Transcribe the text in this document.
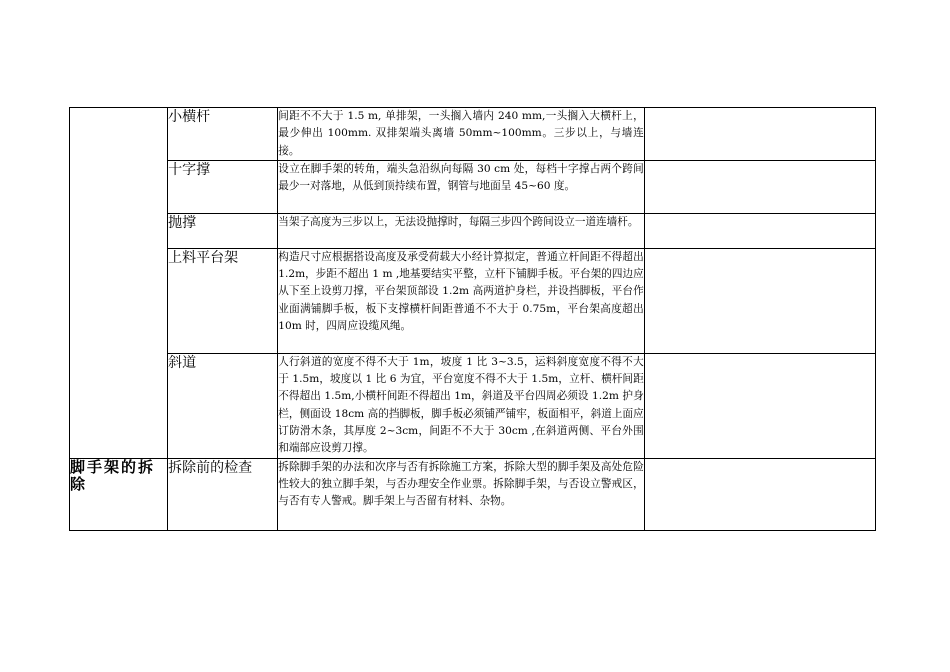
	小横杆	间距不不大于 1.5 m, 单排架，一头搁入墙内 240 mm,一头搁入大横杆上，最少伸出 100mm. 双排架端头离墙 50mm~100mm。三步以上，与墙连接。	
	十字撑	设立在脚手架的转角，端头急沿纵向每隔 30 cm 处，每档十字撑占两个跨间最少一对落地，从低到顶持续布置，钢管与地面呈 45~60 度。	
	抛撑	当架子高度为三步以上，无法设抛撑时，每隔三步四个跨间设立一道连墙杆。	
	上料平台架	构造尺寸应根据搭设高度及承受荷载大小经计算拟定，普通立杆间距不得超出 1.2m，步距不超出 1 m ,地基要结实平整，立杆下铺脚手板。平台架的四边应从下至上设剪刀撑，平台架顶部设 1.2m 高两道护身栏，并设挡脚板，平台作业面满铺脚手板，板下支撑横杆间距普通不不大于 0.75m，平台架高度超出 10m 时，四周应设缆风绳。	
	斜道	人行斜道的宽度不得不大于 1m，坡度 1 比 3~3.5，运料斜度宽度不得不大于 1.5m，坡度以 1 比 6 为宜，平台宽度不得不大于 1.5m，立杆、横杆间距不得超出 1.5m,小横杆间距不得超出 1m，斜道及平台四周必须设 1.2m 护身栏，侧面设 18cm 高的挡脚板，脚手板必须铺严铺牢，板面相平，斜道上面应订防滑木条，其厚度 2~3cm，间距不不大于 30cm ,在斜道两侧、平台外围和端部应设剪刀撑。	
脚手架的拆除	拆除前的检查	拆除脚手架的办法和次序与否有拆除施工方案，拆除大型的脚手架及高处危险性较大的独立脚手架，与否办理安全作业票。拆除脚手架，与否设立警戒区，与否有专人警戒。脚手架上与否留有材料、杂物。	
